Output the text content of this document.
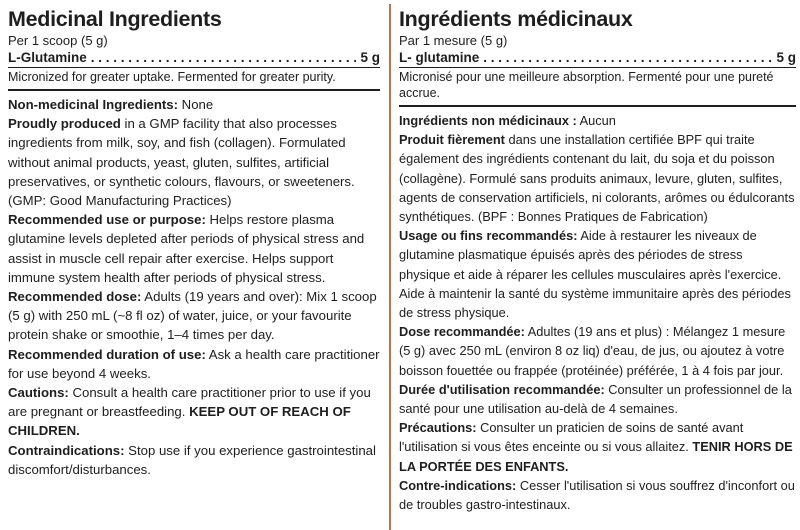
Medicinal Ingredients
Per 1 scoop (5 g)
L-Glutamine . . .	5 g
Micronized for greater uptake. Fermented for greater purity.

Non-medicinal Ingredients: None

Proudly produced in a GMP facility that also processes ingredients from milk, soy, and fish (collagen). Formulated without animal products, yeast, gluten, sulfites, artificial preservatives, or synthetic colours, flavours, or sweeteners. (GMP: Good Manufacturing Practices)

Recommended use or purpose: Helps restore plasma glutamine levels depleted after periods of physical stress and assist in muscle cell repair after exercise. Helps support immune system health after periods of physical stress.

Recommended dose: Adults (19 years and over): Mix 1 scoop (5 g) with 250 mL (~8 fl oz) of water, juice, or your favourite protein shake or smoothie, 1–4 times per day.

Recommended duration of use: Ask a health care practitioner for use beyond 4 weeks.

Cautions: Consult a health care practitioner prior to use if you are pregnant or breastfeeding. KEEP OUT OF REACH OF CHILDREN.

Contraindications: Stop use if you experience gastrointestinal discomfort/disturbances.

Ingrédients médicinaux
Par 1 mesure (5 g)
L- glutamine . . .	5 g
Micronisé pour une meilleure absorption. Fermenté pour une pureté accrue.

Ingrédients non médicinaux : Aucun

Produit fièrement dans une installation certifiée BPF qui traite également des ingrédients contenant du lait, du soja et du poisson (collagène). Formulé sans produits animaux, levure, gluten, sulfites, agents de conservation artificiels, ni colorants, arômes ou édulcorants synthétiques. (BPF : Bonnes Pratiques de Fabrication)

Usage ou fins recommandés: Aide à restaurer les niveaux de glutamine plasmatique épuisés après des périodes de stress physique et aide à réparer les cellules musculaires après l'exercice. Aide à maintenir la santé du système immunitaire après des périodes de stress physique.

Dose recommandée: Adultes (19 ans et plus) : Mélangez 1 mesure (5 g) avec 250 mL (environ 8 oz liq) d'eau, de jus, ou ajoutez à votre boisson fouettée ou frappée (protéinée) préférée, 1 à 4 fois par jour.

Durée d'utilisation recommandée: Consulter un professionnel de la santé pour une utilisation au-delà de 4 semaines.

Précautions: Consulter un praticien de soins de santé avant l'utilisation si vous êtes enceinte ou si vous allaitez. TENIR HORS DE LA PORTÉE DES ENFANTS.

Contre-indications: Cesser l'utilisation si vous souffrez d'inconfort ou de troubles gastro-intestinaux.
